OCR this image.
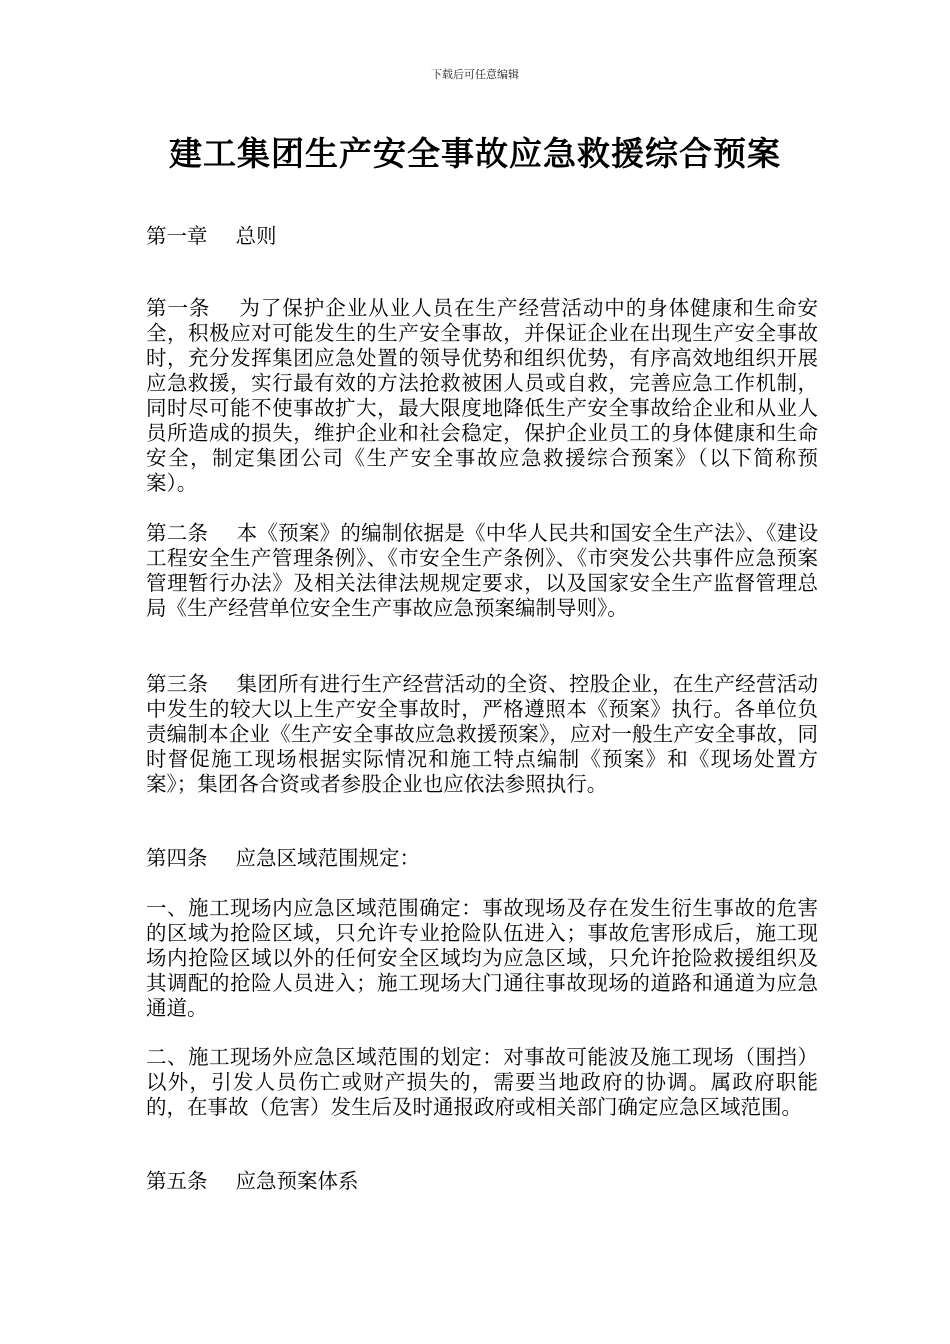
下载后可任意编辑
建工集团生产安全事故应急救援综合预案
第一章 总则

第一条 为了保护企业从业人员在生产经营活动中的身体健康和生命安全，积极应对可能发生的生产安全事故，并保证企业在出现生产安全事故时，充分发挥集团应急处置的领导优势和组织优势，有序高效地组织开展应急救援，实行最有效的方法抢救被困人员或自救，完善应急工作机制，同时尽可能不使事故扩大，最大限度地降低生产安全事故给企业和从业人员所造成的损失，维护企业和社会稳定，保护企业员工的身体健康和生命安全，制定集团公司《生产安全事故应急救援综合预案》（以下简称预案）。

第二条 本《预案》的编制依据是《中华人民共和国安全生产法》、《建设工程安全生产管理条例》、《市安全生产条例》、《市突发公共事件应急预案管理暂行办法》及相关法律法规规定要求，以及国家安全生产监督管理总局《生产经营单位安全生产事故应急预案编制导则》。

第三条 集团所有进行生产经营活动的全资、控股企业，在生产经营活动中发生的较大以上生产安全事故时，严格遵照本《预案》执行。各单位负责编制本企业《生产安全事故应急救援预案》，应对一般生产安全事故，同时督促施工现场根据实际情况和施工特点编制《预案》和《现场处置方案》；集团各合资或者参股企业也应依法参照执行。

第四条 应急区域范围规定：

一、施工现场内应急区域范围确定：事故现场及存在发生衍生事故的危害的区域为抢险区域，只允许专业抢险队伍进入；事故危害形成后，施工现场内抢险区域以外的任何安全区域均为应急区域，只允许抢险救援组织及其调配的抢险人员进入；施工现场大门通往事故现场的道路和通道为应急通道。

二、施工现场外应急区域范围的划定：对事故可能波及施工现场（围挡）以外，引发人员伤亡或财产损失的，需要当地政府的协调。属政府职能的，在事故（危害）发生后及时通报政府或相关部门确定应急区域范围。

第五条 应急预案体系
